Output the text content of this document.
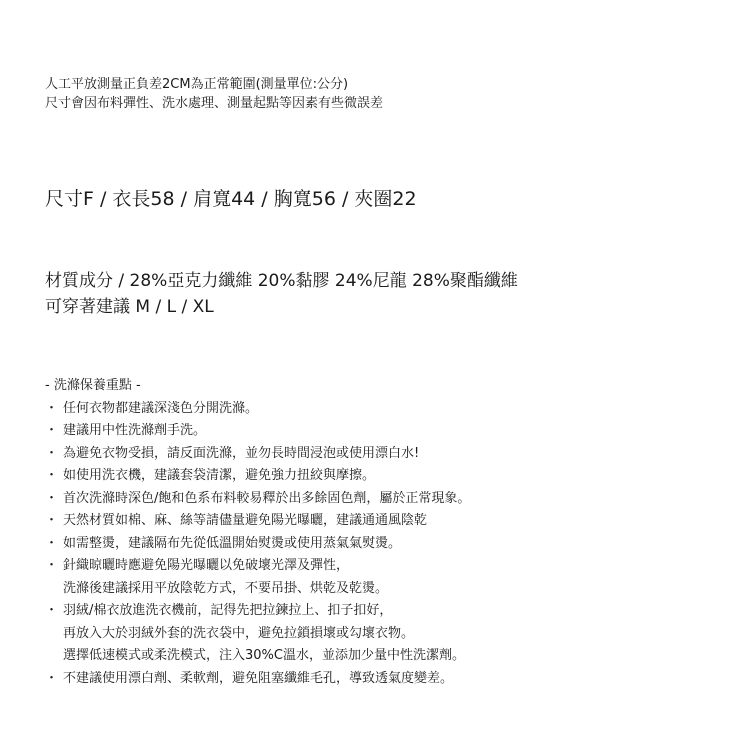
人工平放測量正負差2CM為正常範圍(測量單位:公分)
尺寸會因布料彈性、洗水處理、測量起點等因素有些微誤差
尺寸F / 衣長58 / 肩寬44 / 胸寬56 / 夾圈22
材質成分 / 28%亞克力纖維 20%黏膠 24%尼龍 28%聚酯纖維
可穿著建議 M / L / XL
- 洗滌保養重點 -
・ 任何衣物都建議深淺色分開洗滌。
・ 建議用中性洗滌劑手洗。
・ 為避免衣物受損，請反面洗滌，並勿長時間浸泡或使用漂白水!
・ 如使用洗衣機，建議套袋清潔，避免強力扭絞與摩擦。
・ 首次洗滌時深色/飽和色系布料較易釋於出多餘固色劑，屬於正常現象。
・ 天然材質如棉、麻、絲等請儘量避免陽光曝曬，建議通通風陰乾
・ 如需整燙，建議隔布先從低溫開始熨燙或使用蒸氣氣熨燙。
・ 針織晾曬時應避免陽光曝曬以免破壞光澤及彈性，
洗滌後建議採用平放陰乾方式，不要吊掛、烘乾及乾燙。
・ 羽絨/棉衣放進洗衣機前，記得先把拉鍊拉上、扣子扣好，
再放入大於羽絨外套的洗衣袋中，避免拉鎖損壞或勾壞衣物。
選擇低速模式或柔洗模式，注入30%C溫水，並添加少量中性洗潔劑。
・ 不建議使用漂白劑、柔軟劑，避免阻塞纖維毛孔，導致透氣度變差。
